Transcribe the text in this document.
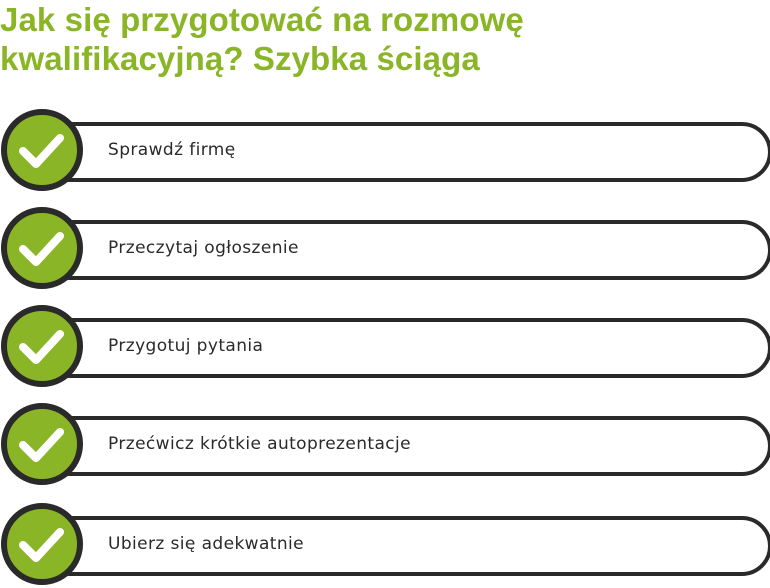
Jak się przygotować na rozmowę kwalifikacyjną? Szybka ściąga
Sprawdź firmę
Przeczytaj ogłoszenie
Przygotuj pytania
Przećwicz krótkie autoprezentacje
Ubierz się adekwatnie
